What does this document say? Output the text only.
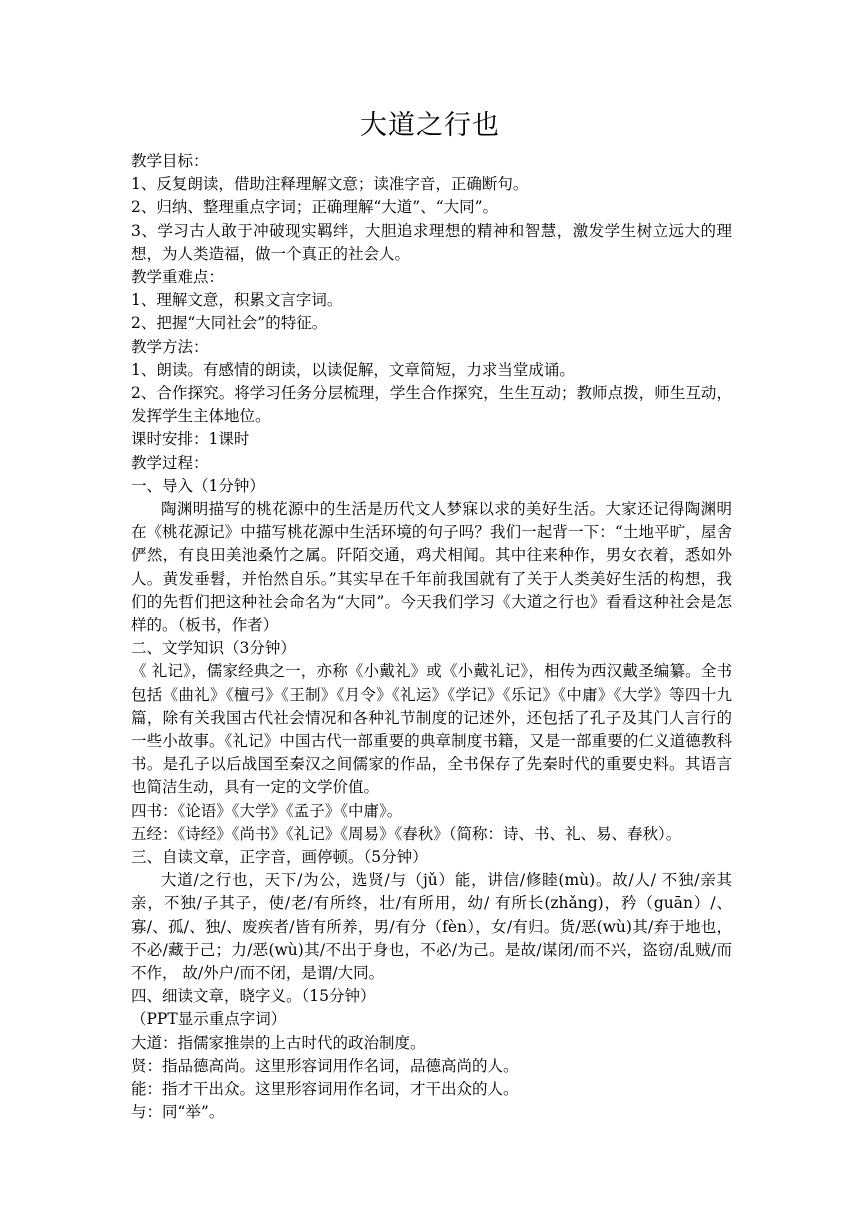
大道之行也
教学目标：
1、反复朗读，借助注释理解文意；读准字音，正确断句。
2、归纳、整理重点字词；正确理解“大道”、“大同”。
3、学习古人敢于冲破现实羁绊，大胆追求理想的精神和智慧，激发学生树立远大的理想，为人类造福，做一个真正的社会人。
教学重难点：
1、理解文意，积累文言字词。
2、把握“大同社会”的特征。
教学方法：
1、朗读。有感情的朗读，以读促解，文章简短，力求当堂成诵。
2、合作探究。将学习任务分层梳理，学生合作探究，生生互动；教师点拨，师生互动，发挥学生主体地位。
课时安排：1课时
教学过程：
一、导入（1分钟）
陶渊明描写的桃花源中的生活是历代文人梦寐以求的美好生活。大家还记得陶渊明在《桃花源记》中描写桃花源中生活环境的句子吗？我们一起背一下：“土地平旷，屋舍俨然，有良田美池桑竹之属。阡陌交通，鸡犬相闻。其中往来种作，男女衣着，悉如外人。黄发垂髫，并怡然自乐。”其实早在千年前我国就有了关于人类美好生活的构想，我们的先哲们把这种社会命名为“大同”。今天我们学习《大道之行也》看看这种社会是怎样的。（板书，作者）
二、文学知识（3分钟）
《 礼记》，儒家经典之一，亦称《小戴礼》或《小戴礼记》，相传为西汉戴圣编纂。全书包括《曲礼》《檀弓》《王制》《月令》《礼运》《学记》《乐记》《中庸》《大学》等四十九篇，除有关我国古代社会情况和各种礼节制度的记述外，还包括了孔子及其门人言行的一些小故事。《礼记》中国古代一部重要的典章制度书籍，又是一部重要的仁义道德教科书。是孔子以后战国至秦汉之间儒家的作品，全书保存了先秦时代的重要史料。其语言也简洁生动，具有一定的文学价值。
四书：《论语》《大学》《孟子》《中庸》。
五经：《诗经》《尚书》《礼记》《周易》《春秋》（简称：诗、书、礼、易、春秋）。
三、自读文章，正字音，画停顿。（5分钟）
大道/之行也，天下/为公，选贤/与（jǔ）能，讲信/修睦(mù)。故/人/ 不独/亲其亲，不独/子其子，使/老/有所终，壮/有所用，幼/ 有所长(zhǎng)，矜（guān）/、寡/、孤/、独/、废疾者/皆有所养，男/有分（fèn），女/有归。货/恶(wù)其/弃于地也，不必/藏于己；力/恶(wù)其/不出于身也，不必/为己。是故/谋闭/而不兴，盗窃/乱贼/而不作， 故/外户/而不闭，是谓/大同。
四、细读文章，晓字义。（15分钟）
（PPT显示重点字词）
大道：指儒家推崇的上古时代的政治制度。
贤：指品德高尚。这里形容词用作名词，品德高尚的人。
能：指才干出众。这里形容词用作名词，才干出众的人。
与：同“举”。
